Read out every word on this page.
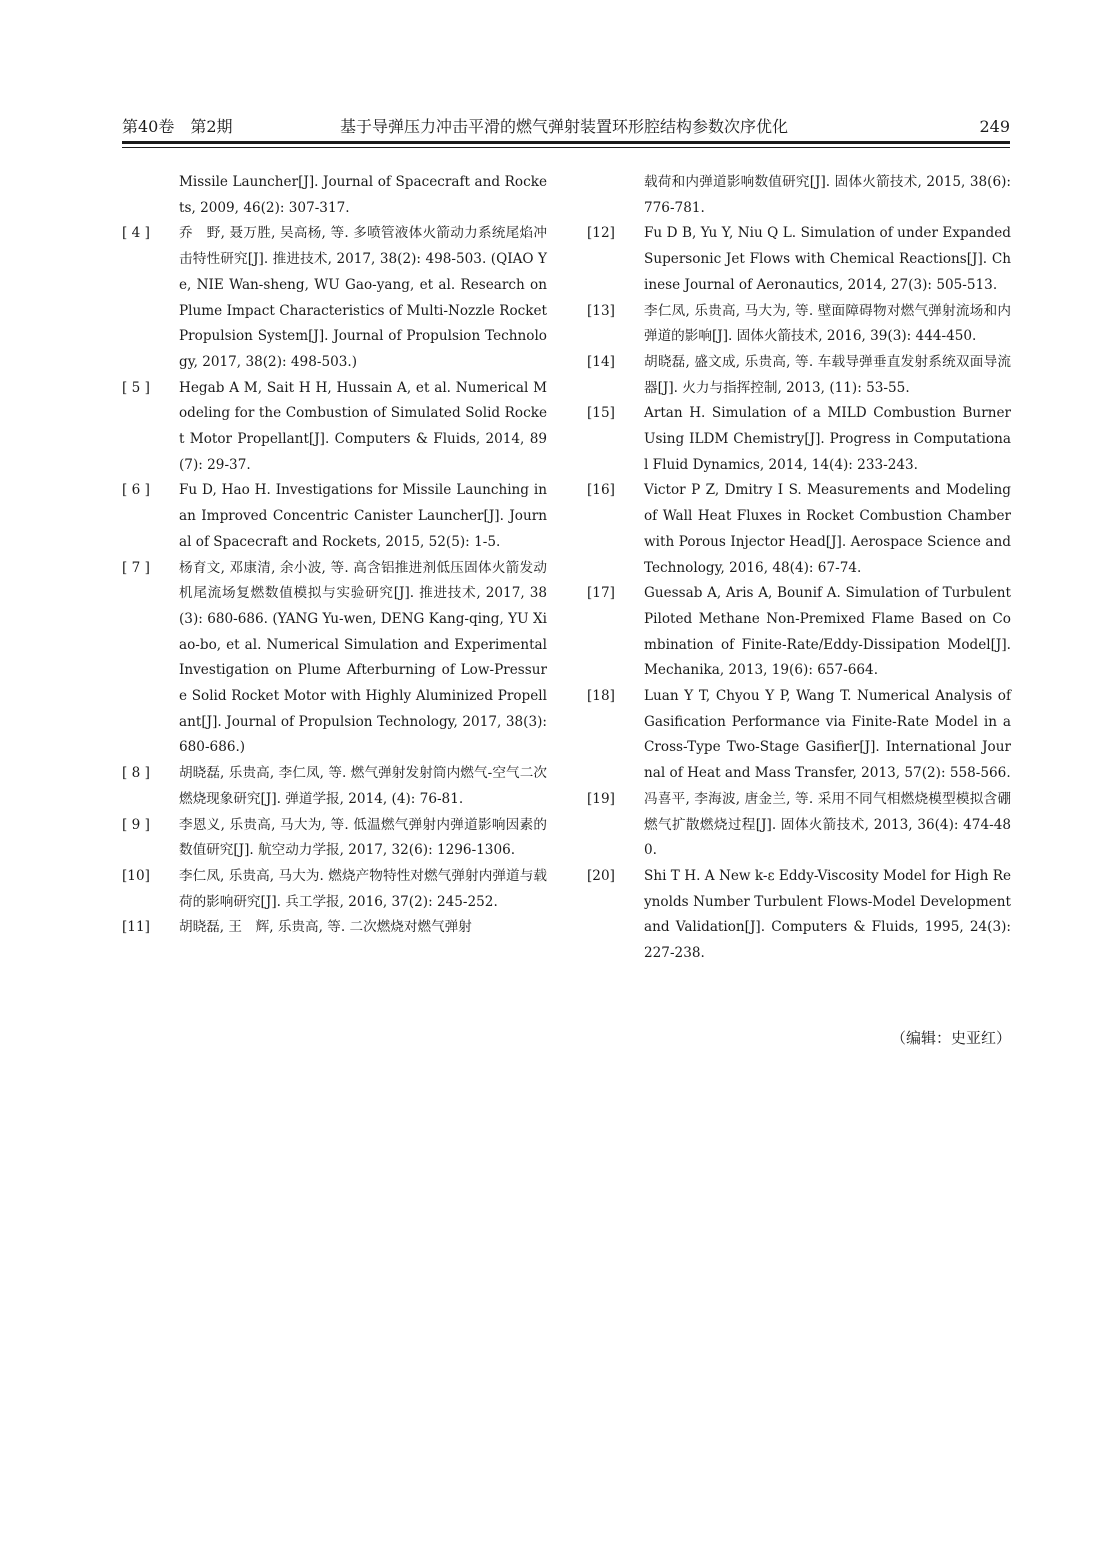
第40卷　第2期	基于导弹压力冲击平滑的燃气弹射装置环形腔结构参数次序优化	249
Missile Launcher[J]. Journal of Spacecraft and Rockets, 2009, 46(2): 307-317.
[ 4 ]	乔　野, 聂万胜, 吴高杨, 等. 多喷管液体火箭动力系统尾焰冲击特性研究[J]. 推进技术, 2017, 38(2): 498-503. (QIAO Ye, NIE Wan-sheng, WU Gao-yang, et al. Research on Plume Impact Characteristics of Multi-Nozzle Rocket Propulsion System[J]. Journal of Propulsion Technology, 2017, 38(2): 498-503.)
[ 5 ]	Hegab A M, Sait H H, Hussain A, et al. Numerical Modeling for the Combustion of Simulated Solid Rocket Motor Propellant[J]. Computers & Fluids, 2014, 89(7): 29-37.
[ 6 ]	Fu D, Hao H. Investigations for Missile Launching in an Improved Concentric Canister Launcher[J]. Journal of Spacecraft and Rockets, 2015, 52(5): 1-5.
[ 7 ]	杨育文, 邓康清, 余小波, 等. 高含铝推进剂低压固体火箭发动机尾流场复燃数值模拟与实验研究[J]. 推进技术, 2017, 38(3): 680-686. (YANG Yu-wen, DENG Kang-qing, YU Xiao-bo, et al. Numerical Simulation and Experimental Investigation on Plume Afterburning of Low-Pressure Solid Rocket Motor with Highly Aluminized Propellant[J]. Journal of Propulsion Technology, 2017, 38(3): 680-686.)
[ 8 ]	胡晓磊, 乐贵高, 李仁凤, 等. 燃气弹射发射筒内燃气-空气二次燃烧现象研究[J]. 弹道学报, 2014, (4): 76-81.
[ 9 ]	李恩义, 乐贵高, 马大为, 等. 低温燃气弹射内弹道影响因素的数值研究[J]. 航空动力学报, 2017, 32(6): 1296-1306.
[10]	李仁凤, 乐贵高, 马大为. 燃烧产物特性对燃气弹射内弹道与载荷的影响研究[J]. 兵工学报, 2016, 37(2): 245-252.
[11]	胡晓磊, 王　辉, 乐贵高, 等. 二次燃烧对燃气弹射
载荷和内弹道影响数值研究[J]. 固体火箭技术, 2015, 38(6): 776-781.
[12]	Fu D B, Yu Y, Niu Q L. Simulation of under Expanded Supersonic Jet Flows with Chemical Reactions[J]. Chinese Journal of Aeronautics, 2014, 27(3): 505-513.
[13]	李仁凤, 乐贵高, 马大为, 等. 壁面障碍物对燃气弹射流场和内弹道的影响[J]. 固体火箭技术, 2016, 39(3): 444-450.
[14]	胡晓磊, 盛文成, 乐贵高, 等. 车载导弹垂直发射系统双面导流器[J]. 火力与指挥控制, 2013, (11): 53-55.
[15]	Artan H. Simulation of a MILD Combustion Burner Using ILDM Chemistry[J]. Progress in Computational Fluid Dynamics, 2014, 14(4): 233-243.
[16]	Victor P Z, Dmitry I S. Measurements and Modeling of Wall Heat Fluxes in Rocket Combustion Chamber with Porous Injector Head[J]. Aerospace Science and Technology, 2016, 48(4): 67-74.
[17]	Guessab A, Aris A, Bounif A. Simulation of Turbulent Piloted Methane Non-Premixed Flame Based on Combination of Finite-Rate/Eddy-Dissipation Model[J]. Mechanika, 2013, 19(6): 657-664.
[18]	Luan Y T, Chyou Y P, Wang T. Numerical Analysis of Gasification Performance via Finite-Rate Model in a Cross-Type Two-Stage Gasifier[J]. International Journal of Heat and Mass Transfer, 2013, 57(2): 558-566.
[19]	冯喜平, 李海波, 唐金兰, 等. 采用不同气相燃烧模型模拟含硼燃气扩散燃烧过程[J]. 固体火箭技术, 2013, 36(4): 474-480.
[20]	Shi T H. A New k-ε Eddy-Viscosity Model for High Reynolds Number Turbulent Flows-Model Development and Validation[J]. Computers & Fluids, 1995, 24(3): 227-238.
（编辑：史亚红）
